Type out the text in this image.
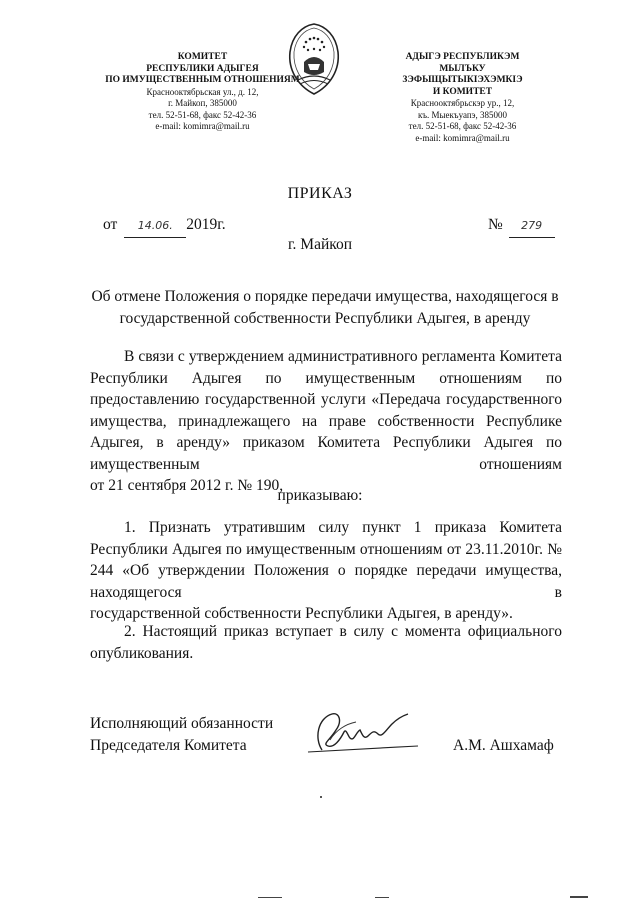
КОМИТЕТ
РЕСПУБЛИКИ АДЫГЕЯ
ПО ИМУЩЕСТВЕННЫМ ОТНОШЕНИЯМ
Краснооктябрьская ул., д. 12,
г. Майкоп, 385000
тел. 52-51-68, факс 52-42-36
e-mail: komimra@mail.ru
АДЫГЭ РЕСПУБЛИКЭМ
МЫЛЪКУ ЗЭФЫЩЫТЫКIЭХЭМКIЭ
И КОМИТЕТ
Краснооктябрьскэр ур., 12,
къ. Мыекъуапэ, 385000
тел. 52-51-68, факс 52-42-36
e-mail: komimra@mail.ru
ПРИКАЗ
от 14.06. 2019г.	№ 279
г. Майкоп
Об отмене Положения о порядке передачи имущества, находящегося в
государственной собственности Республики Адыгея, в аренду
В связи с утверждением административного регламента Комитета Республики Адыгея по имущественным отношениям по предоставлению государственной услуги «Передача государственного имущества, принадлежащего на праве собственности Республике Адыгея, в аренду» приказом Комитета Республики Адыгея по имущественным отношениям
от 21 сентября 2012 г. № 190,
приказываю:
1. Признать утратившим силу пункт 1 приказа Комитета Республики Адыгея по имущественным отношениям от 23.11.2010г. № 244 «Об утверждении Положения о порядке передачи имущества, находящегося в
государственной собственности Республики Адыгея, в аренду».
2. Настоящий приказ вступает в силу с момента официального
опубликования.
Исполняющий обязанности
Председателя Комитета	А.М. Ашхамаф
